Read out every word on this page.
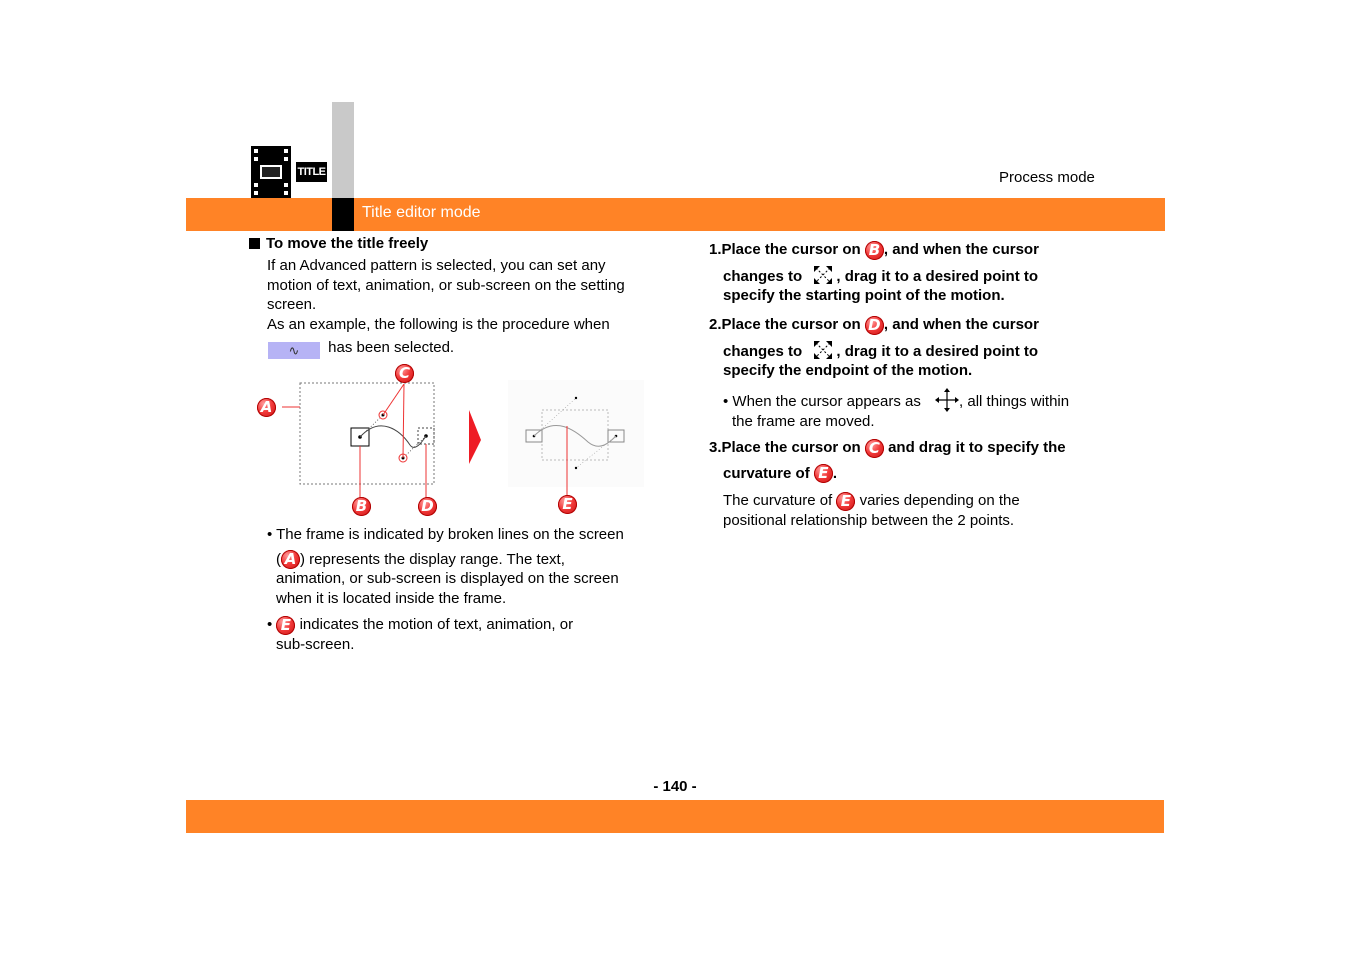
TITLE	Process mode
Title editor mode
To move the title freely
If an Advanced pattern is selected, you can set any
motion of text, animation, or sub-screen on the setting
screen.
As an example, the following is the procedure when
∿ has been selected.
A
C
B	D	E
• The frame is indicated by broken lines on the screen
( A ) represents the display range. The text,
animation, or sub-screen is displayed on the screen
when it is located inside the frame.
• E indicates the motion of text, animation, or
sub-screen.
1.Place the cursor on B , and when the cursor
changes to , drag it to a desired point to
specify the starting point of the motion.
2.Place the cursor on D , and when the cursor
changes to , drag it to a desired point to
specify the endpoint of the motion.
• When the cursor appears as	, all things within
the frame are moved.
3.Place the cursor on C and drag it to specify the
curvature of E .
The curvature of E varies depending on the
positional relationship between the 2 points.
- 140 -
